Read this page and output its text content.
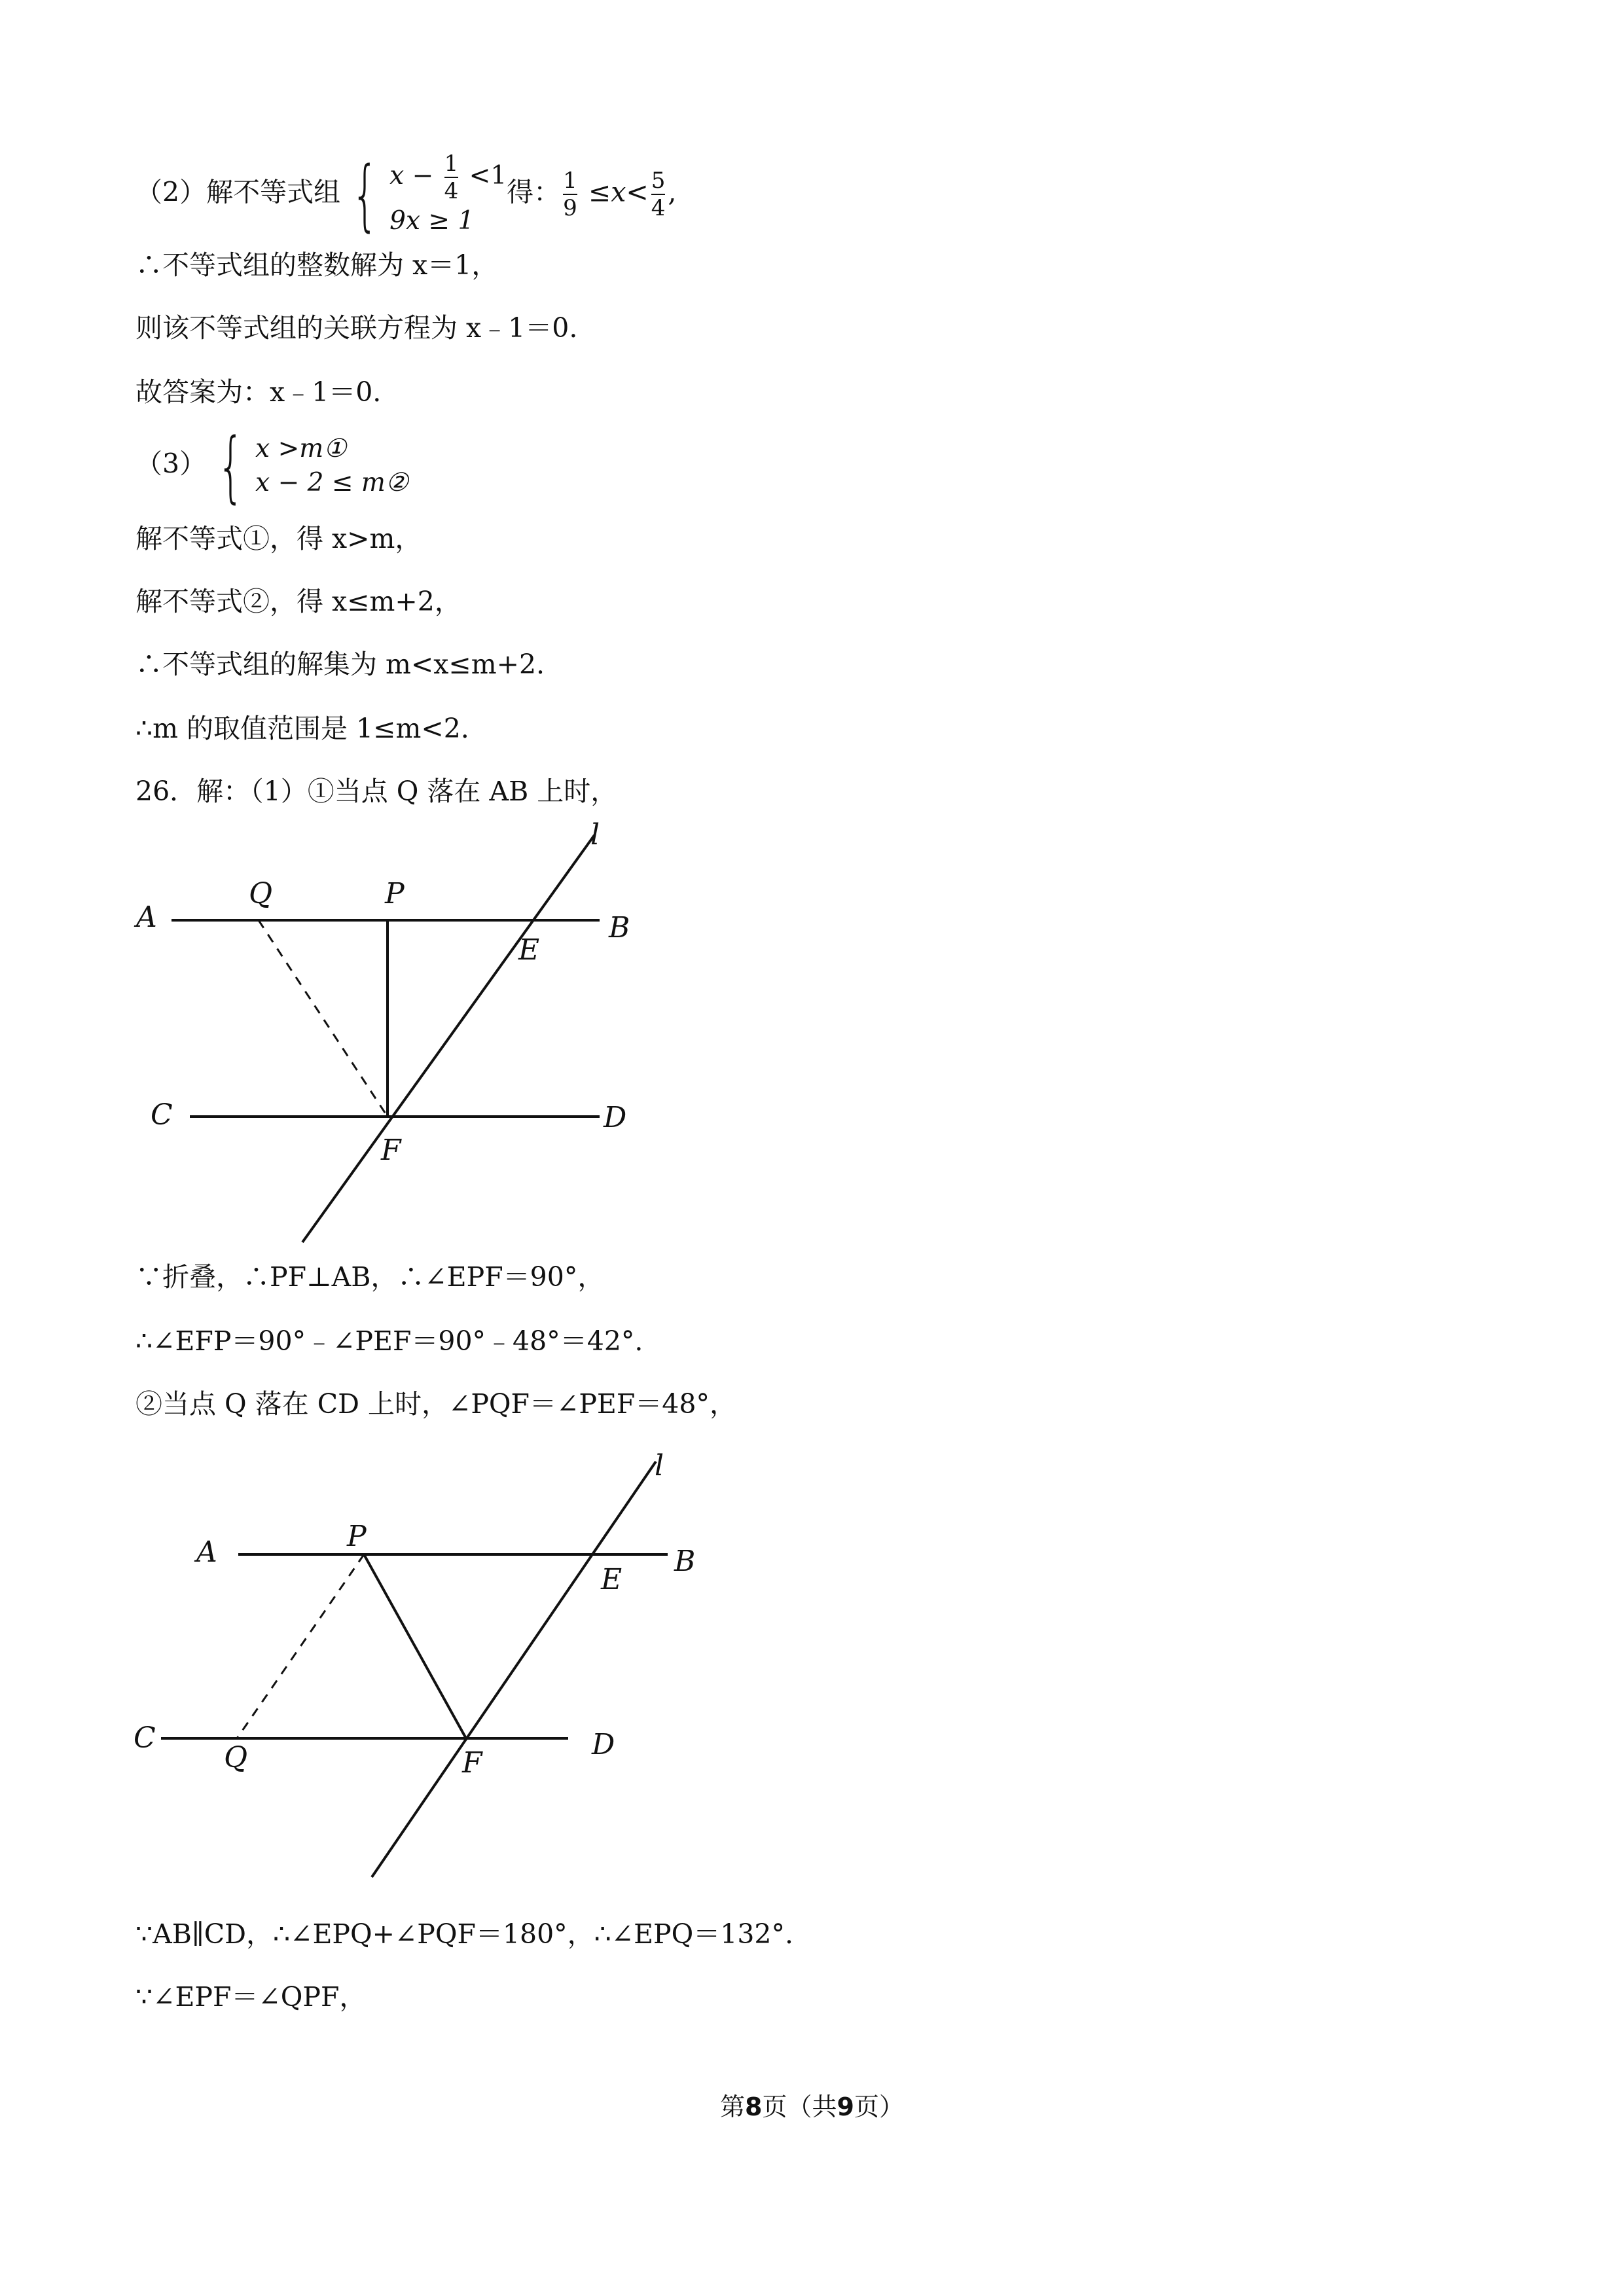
（2）解不等式组 { $x - \frac{1}{4} <1$
9x ≥ 1
得： $\frac{1}{9} \le x< \frac{5}{4}$ ,
∴不等式组的整数解为 x＝1，
则该不等式组的关联方程为 x﹣1＝0.
故答案为：x﹣1＝0.
（3） { x >m①
x − 2 ≤ m②
解不等式①，得 x>m，
解不等式②，得 x≤m+2，
∴不等式组的解集为 m<x≤m+2.
∴m 的取值范围是 1≤m<2.
26．解：（1）①当点 Q 落在 AB 上时，
A
Q	P
B
E
l
C	D
F
A	P
B
E
l
C
Q	D
F
∵折叠，∴PF⊥AB，∴∠EPF＝90°，
∴∠EFP＝90°﹣∠PEF＝90°﹣48°＝42°.
②当点 Q 落在 CD 上时，∠PQF＝∠PEF＝48°，
∵AB∥CD，∴∠EPQ+∠PQF＝180°，∴∠EPQ＝132°.
∵∠EPF＝∠QPF，
第8页（共9页）
